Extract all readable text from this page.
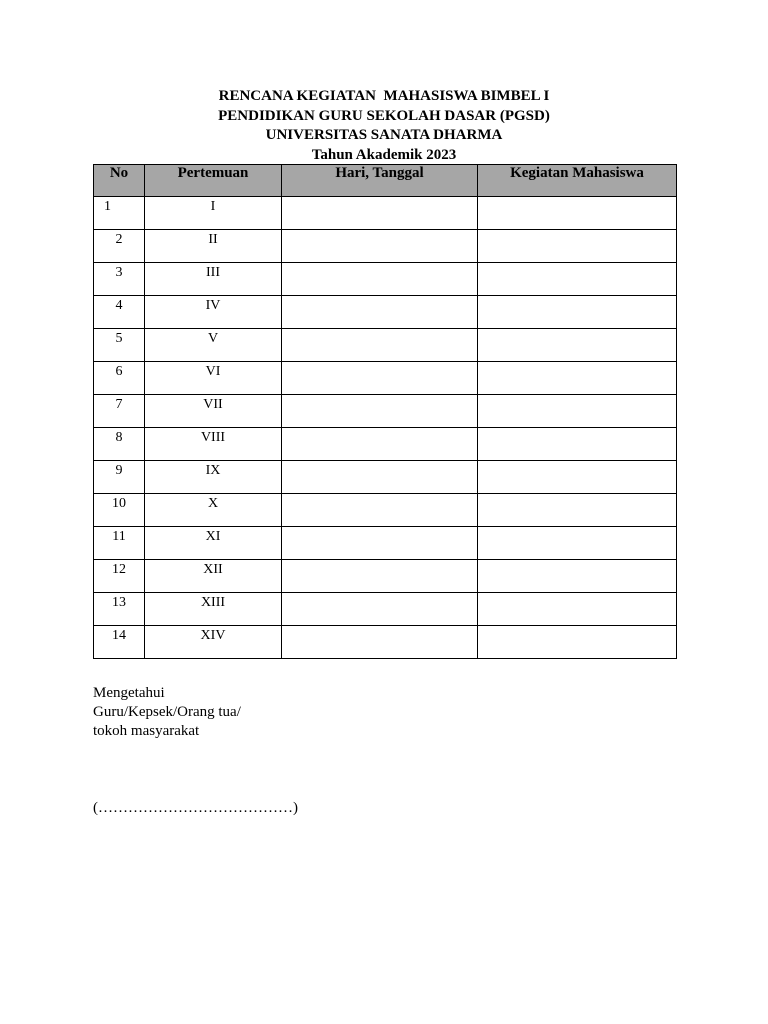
RENCANA KEGIATAN  MAHASISWA BIMBEL I
PENDIDIKAN GURU SEKOLAH DASAR (PGSD)
UNIVERSITAS SANATA DHARMA
Tahun Akademik 2023
No	Pertemuan	Hari, Tanggal	Kegiatan Mahasiswa
1	I		
2	II		
3	III		
4	IV		
5	V		
6	VI		
7	VII		
8	VIII		
9	IX		
10	X		
11	XI		
12	XII		
13	XIII		
14	XIV		
Mengetahui
Guru/Kepsek/Orang tua/
tokoh masyarakat
(…………………………………)
